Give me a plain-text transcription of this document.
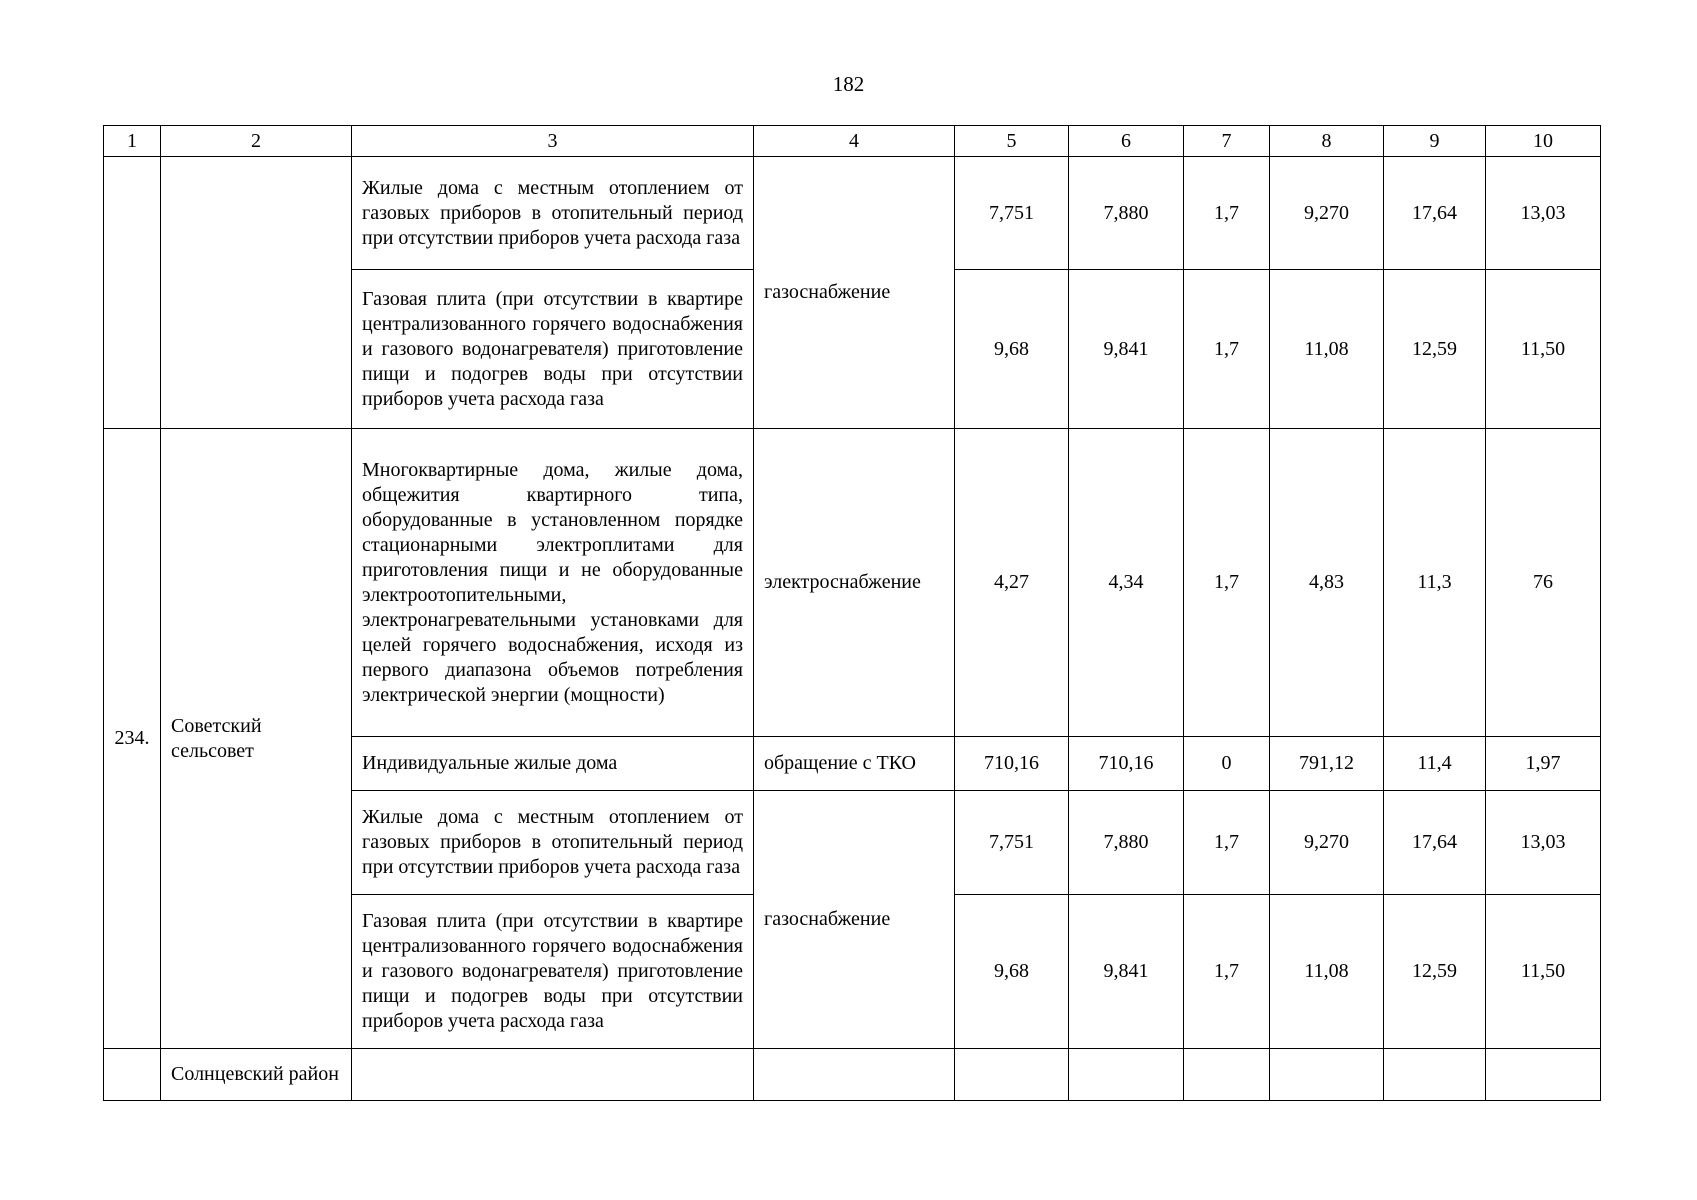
182
1	2	3	4	5	6	7	8	9	10
		Жилые дома с местным отоплением от газовых приборов в отопительный период при отсутствии приборов учета расхода газа	газоснабжение	7,751	7,880	1,7	9,270	17,64	13,03
		Газовая плита (при отсутствии в квартире централизованного горячего водоснабжения и газового водонагревателя) приготовление пищи и подогрев воды при отсутствии приборов учета расхода газа		9,68	9,841	1,7	11,08	12,59	11,50
234.	Советский сельсовет	Многоквартирные дома, жилые дома, общежития квартирного типа, оборудованные в установленном порядке стационарными электроплитами для приготовления пищи и не оборудованные электроотопительными, электронагревательными установками для целей горячего водоснабжения, исходя из первого диапазона объемов потребления электрической энергии (мощности)	электроснабжение	4,27	4,34	1,7	4,83	11,3	76
		Индивидуальные жилые дома	обращение с ТКО	710,16	710,16	0	791,12	11,4	1,97
		Жилые дома с местным отоплением от газовых приборов в отопительный период при отсутствии приборов учета расхода газа	газоснабжение	7,751	7,880	1,7	9,270	17,64	13,03
		Газовая плита (при отсутствии в квартире централизованного горячего водоснабжения и газового водонагревателя) приготовление пищи и подогрев воды при отсутствии приборов учета расхода газа		9,68	9,841	1,7	11,08	12,59	11,50
	Солнцевский район								
